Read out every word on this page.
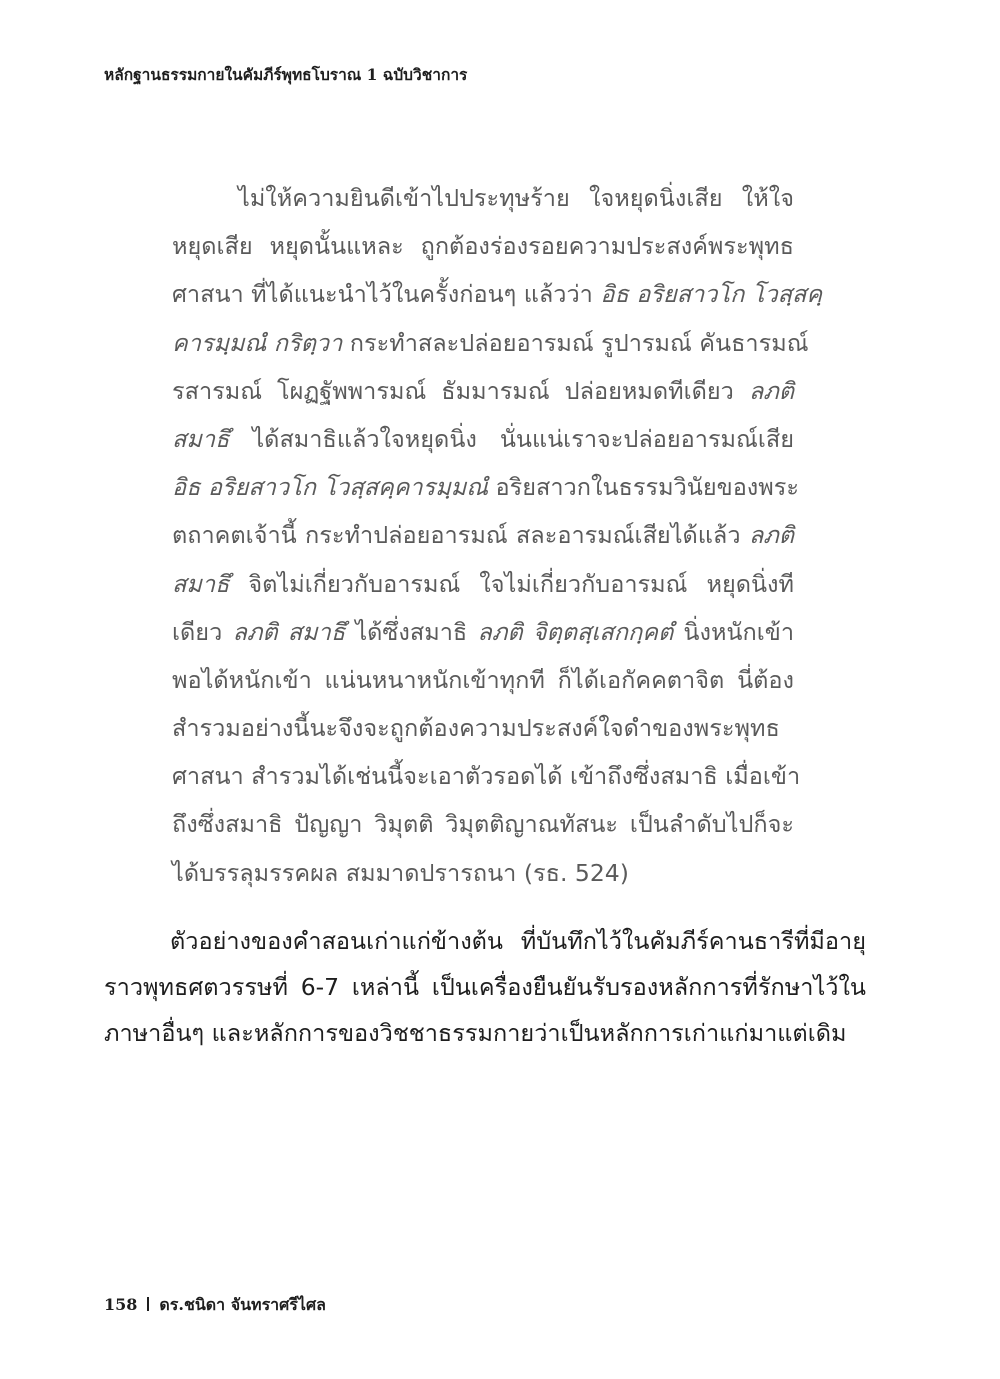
หลักฐานธรรมกายในคัมภีร์พุทธโบราณ 1 ฉบับวิชาการ
ไม่ให้ความยินดีเข้าไปประทุษร้าย ใจหยุดนิ่งเสีย ให้ใจ
หยุดเสีย หยุดนั้นแหละ ถูกต้องร่องรอยความประสงค์พระพุทธ
ศาสนา ที่ได้แนะนำไว้ในครั้งก่อนๆ แล้วว่า อิธ อริยสาวโก โวสฺสคฺ
คารมฺมณํ กริตฺวา กระทำสละปล่อยอารมณ์ รูปารมณ์ คันธารมณ์
รสารมณ์ โผฏฐัพพารมณ์ ธัมมารมณ์ ปล่อยหมดทีเดียว ลภติ
สมาธึ ได้สมาธิแล้วใจหยุดนิ่ง นั่นแน่เราจะปล่อยอารมณ์เสีย
อิธ อริยสาวโก โวสฺสคฺคารมฺมณํ อริยสาวกในธรรมวินัยของพระ
ตถาคตเจ้านี้ กระทำปล่อยอารมณ์ สละอารมณ์เสียได้แล้ว ลภติ
สมาธึ จิตไม่เกี่ยวกับอารมณ์ ใจไม่เกี่ยวกับอารมณ์ หยุดนิ่งที
เดียว ลภติ สมาธึ ได้ซึ่งสมาธิ ลภติ จิตฺตสฺเสกกฺคตํ นิ่งหนักเข้า
พอได้หนักเข้า แน่นหนาหนักเข้าทุกที ก็ได้เอกัคคตาจิต นี่ต้อง
สำรวมอย่างนี้นะจึงจะถูกต้องความประสงค์ใจดำของพระพุทธ
ศาสนา สำรวมได้เช่นนี้จะเอาตัวรอดได้ เข้าถึงซึ่งสมาธิ เมื่อเข้า
ถึงซึ่งสมาธิ ปัญญา วิมุตติ วิมุตติญาณทัสนะ เป็นลำดับไปก็จะ
ได้บรรลุมรรคผล สมมาดปรารถนา (รธ. 524)
ตัวอย่างของคำสอนเก่าแก่ข้างต้น ที่บันทึกไว้ในคัมภีร์คานธารีที่มีอายุ
ราวพุทธศตวรรษที่ 6-7 เหล่านี้ เป็นเครื่องยืนยันรับรองหลักการที่รักษาไว้ใน
ภาษาอื่นๆ และหลักการของวิชชาธรรมกายว่าเป็นหลักการเก่าแก่มาแต่เดิม
158 ดร.ชนิดา จันทราศรีไศล
